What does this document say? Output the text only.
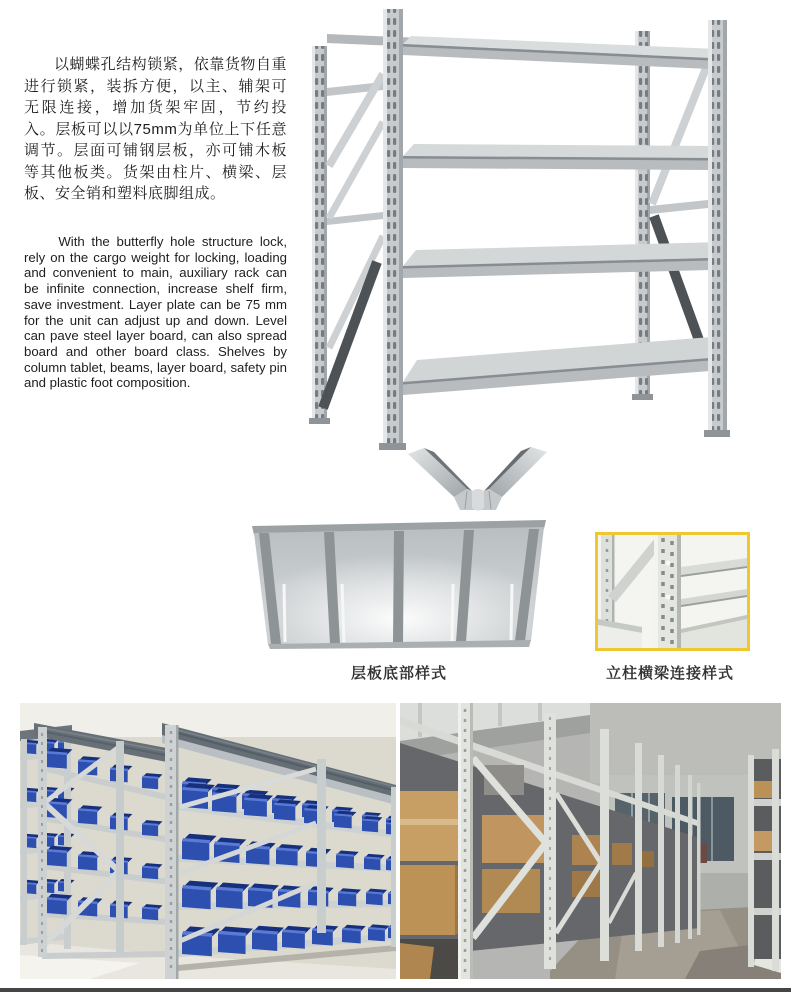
以蝴蝶孔结构锁紧，依靠货物自重进行锁紧，装拆方便，以主、辅架可无限连接，增加货架牢固，节约投入。层板可以以75mm为单位上下任意调节。层面可铺钢层板，亦可铺木板等其他板类。货架由柱片、横梁、层板、安全销和塑料底脚组成。

With the butterfly hole structure lock, rely on the cargo weight for locking, loading and convenient to main, auxiliary rack can be infinite connection, increase shelf firm, save investment. Layer plate can be 75 mm for the unit can adjust up and down. Level can pave steel layer board, can also spread board and other board class. Shelves by column tablet, beams, layer board, safety pin and plastic foot composition.

层板底部样式	立柱横梁连接样式
